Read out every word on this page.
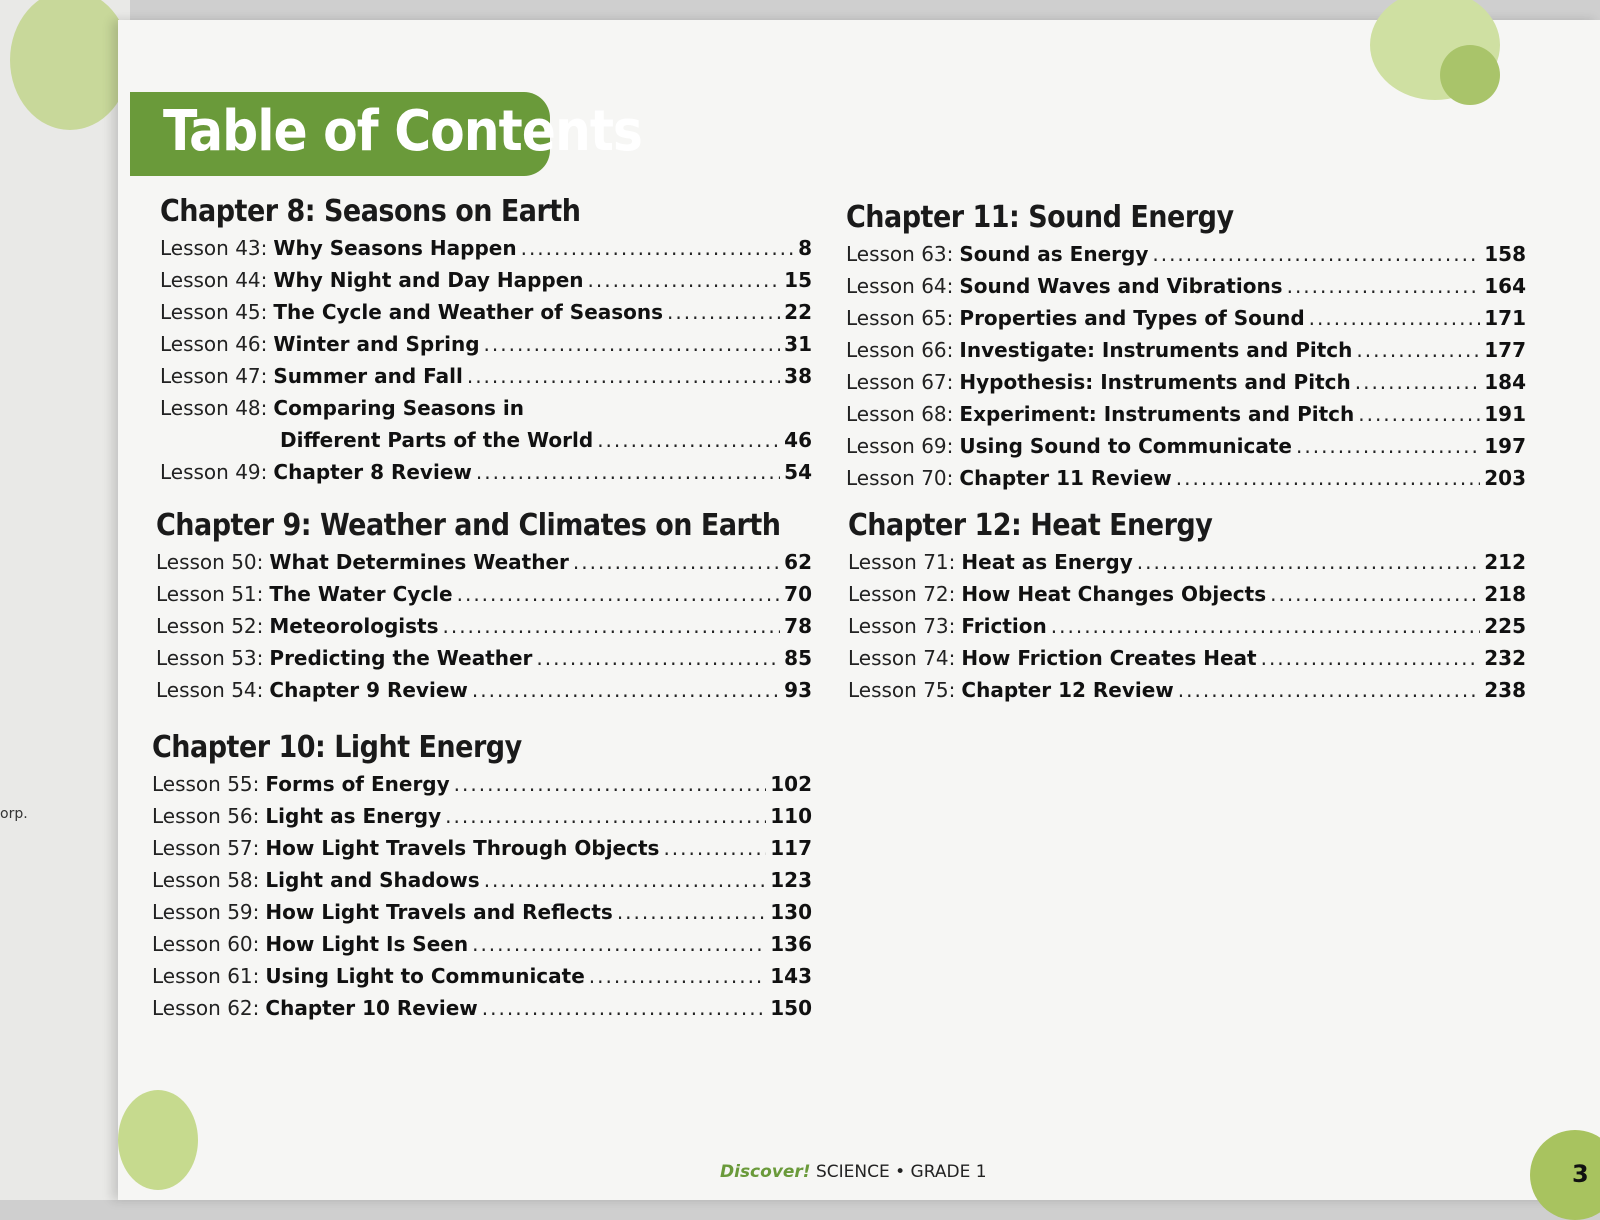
orp.
Table of Contents
Chapter 8: Seasons on Earth
Lesson 43: Why Seasons Happen .....	8
Lesson 44: Why Night and Day Happen .....	15
Lesson 45: The Cycle and Weather of Seasons .....	22
Lesson 46: Winter and Spring .....	31
Lesson 47: Summer and Fall .....	38
Lesson 48: Comparing Seasons in
Different Parts of the World .....	46
Lesson 49: Chapter 8 Review .....	54
Chapter 9: Weather and Climates on Earth
Lesson 50: What Determines Weather .....	62
Lesson 51: The Water Cycle .....	70
Lesson 52: Meteorologists .....	78
Lesson 53: Predicting the Weather .....	85
Lesson 54: Chapter 9 Review .....	93
Chapter 10: Light Energy
Lesson 55: Forms of Energy .....	102
Lesson 56: Light as Energy .....	110
Lesson 57: How Light Travels Through Objects .....	117
Lesson 58: Light and Shadows .....	123
Lesson 59: How Light Travels and Reflects .....	130
Lesson 60: How Light Is Seen .....	136
Lesson 61: Using Light to Communicate .....	143
Lesson 62: Chapter 10 Review .....	150
Chapter 11: Sound Energy
Lesson 63: Sound as Energy .....	158
Lesson 64: Sound Waves and Vibrations .....	164
Lesson 65: Properties and Types of Sound .....	171
Lesson 66: Investigate: Instruments and Pitch .....	177
Lesson 67: Hypothesis: Instruments and Pitch .....	184
Lesson 68: Experiment: Instruments and Pitch .....	191
Lesson 69: Using Sound to Communicate .....	197
Lesson 70: Chapter 11 Review .....	203
Chapter 12: Heat Energy
Lesson 71: Heat as Energy .....	212
Lesson 72: How Heat Changes Objects .....	218
Lesson 73: Friction .....	225
Lesson 74: How Friction Creates Heat .....	232
Lesson 75: Chapter 12 Review .....	238
Discover! SCIENCE • GRADE 1	3
